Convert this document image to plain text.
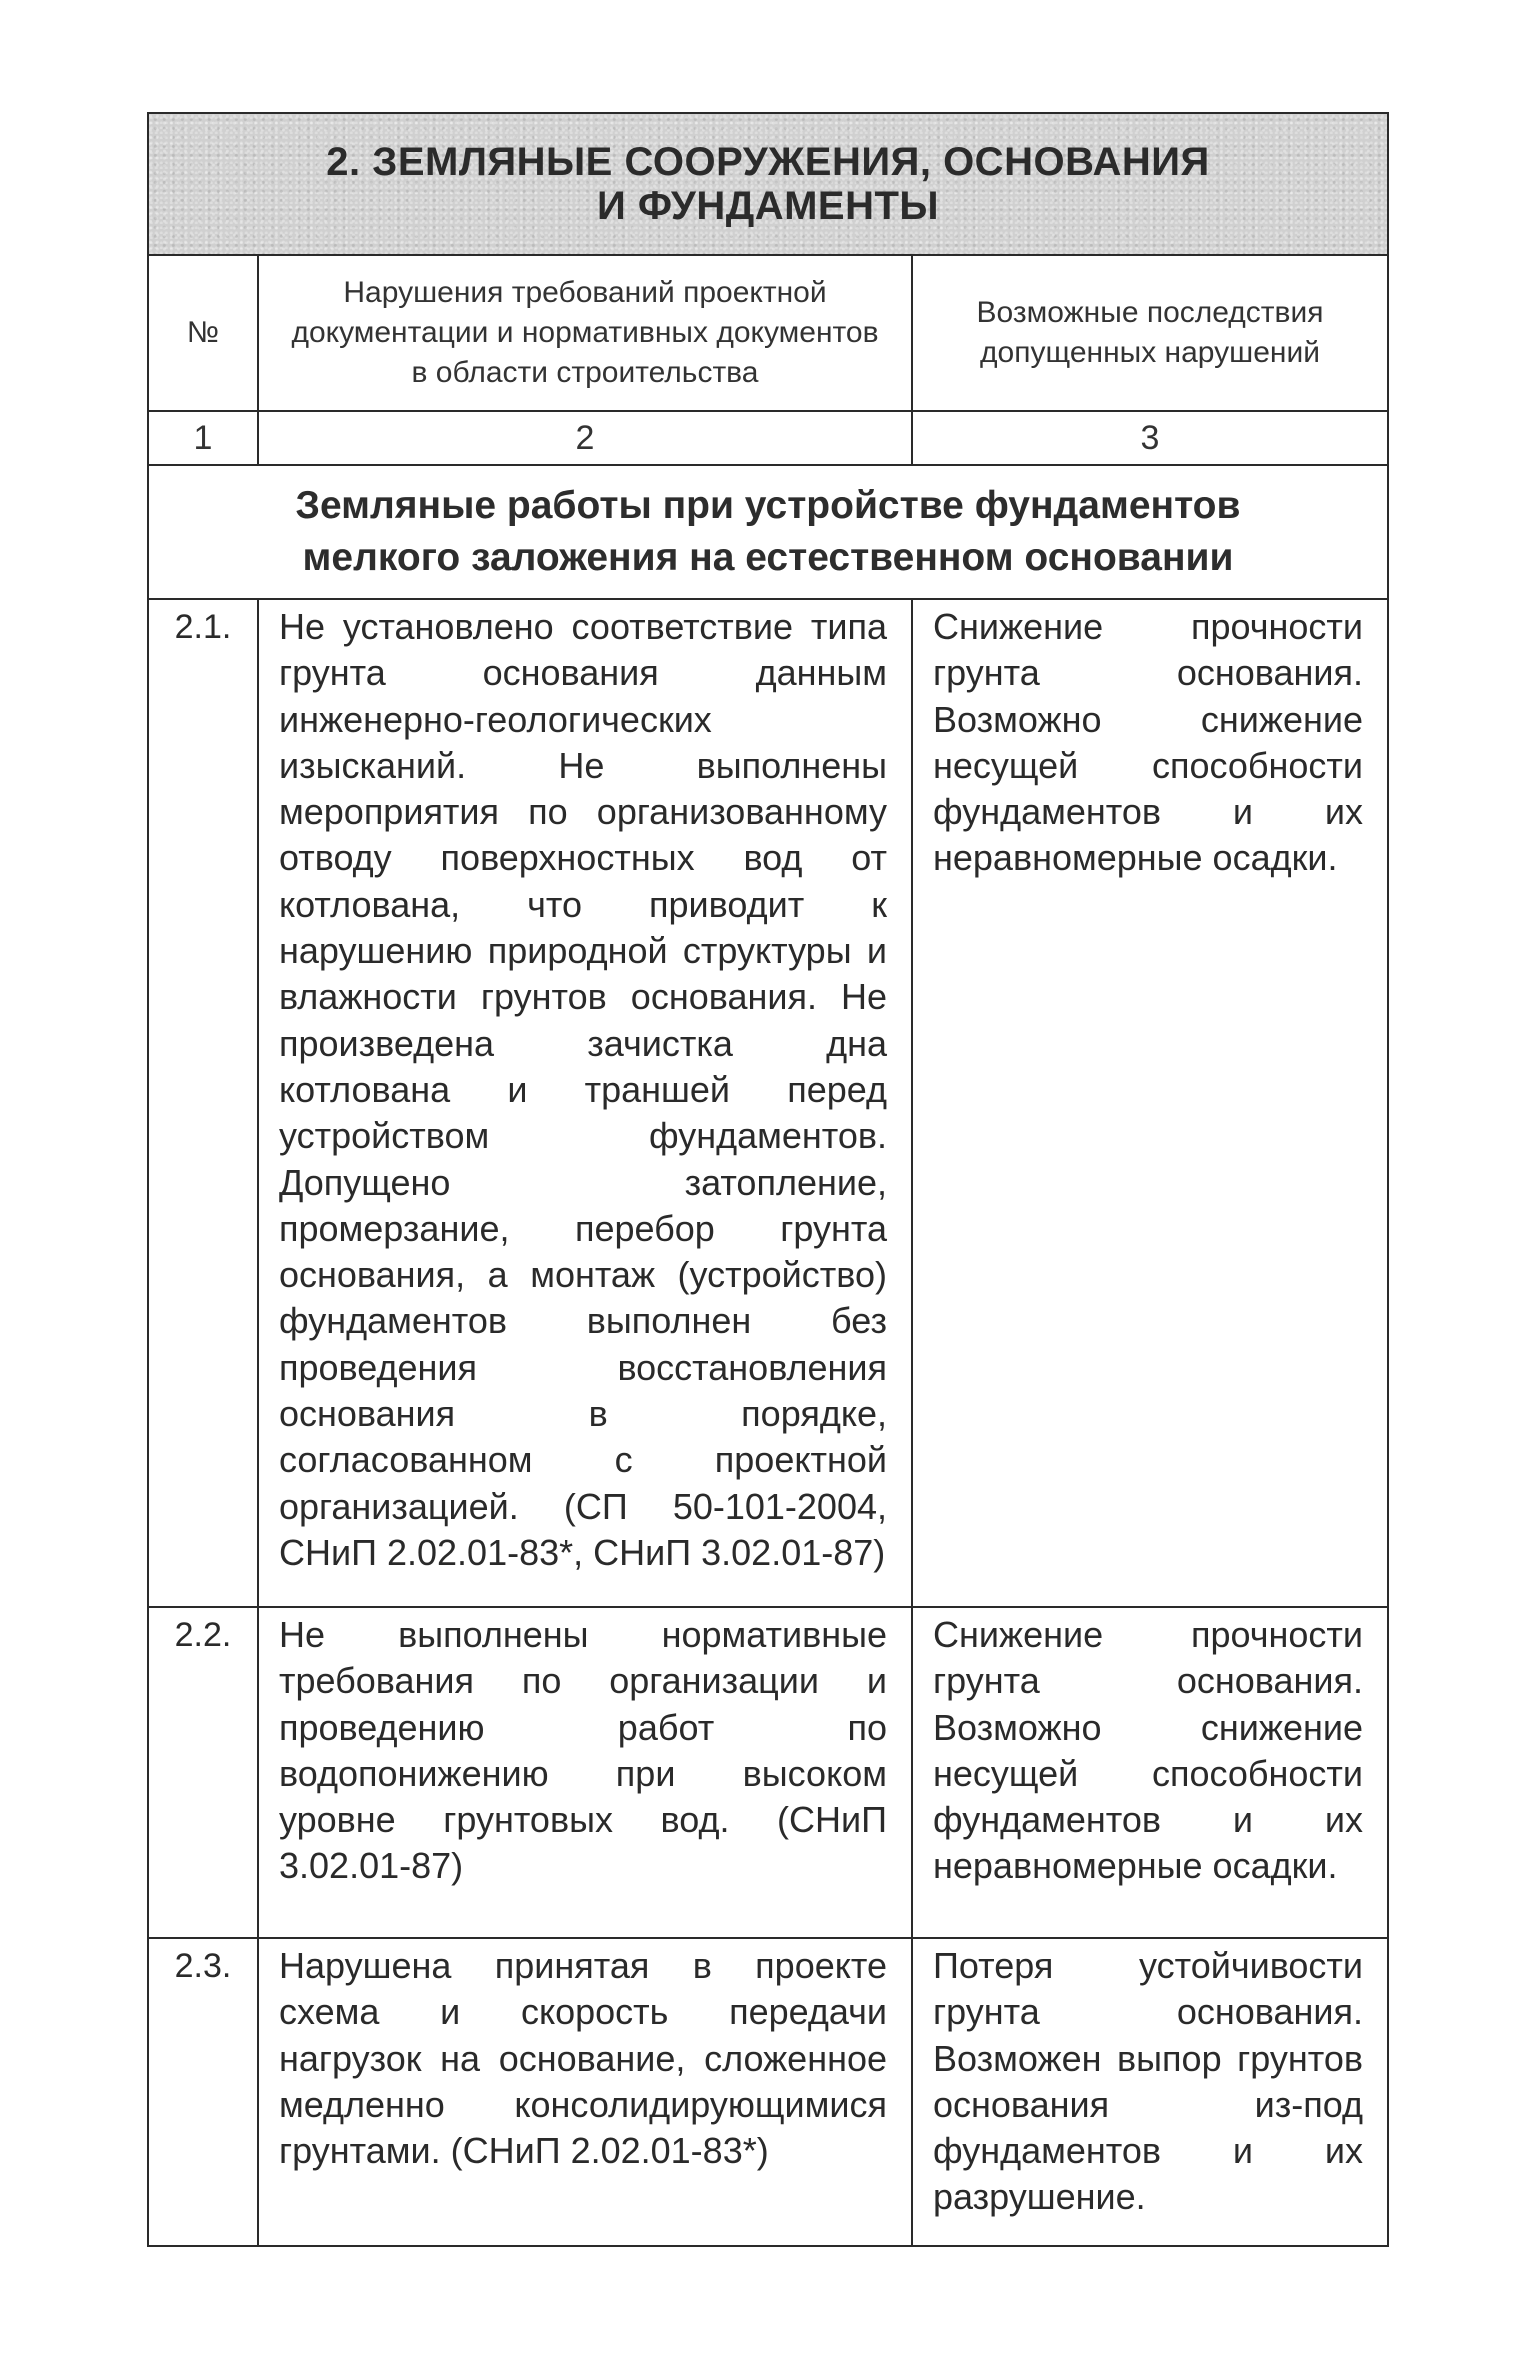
2. ЗЕМЛЯНЫЕ СООРУЖЕНИЯ, ОСНОВАНИЯ
И ФУНДАМЕНТЫ		

№	Нарушения требований проектной документации и нормативных документов в области строительства	Возможные последствия допущенных нарушений
1	2	3
Земляные работы при устройстве фундаментов
мелкого заложения на естественном основании		
2.1.	Не установлено соответствие типа грунта основания данным инженерно-геологических изысканий. Не выполнены мероприятия по организованному отводу поверхностных вод от котлована, что приводит к нарушению природной структуры и влажности грунтов основания. Не произведена зачистка дна котлована и траншей перед устройством фундаментов. Допущено затопление, промерзание, перебор грунта основания, а монтаж (устройство) фундаментов выполнен без проведения восстановления основания в порядке, согласованном с проектной организацией. (СП 50-101-2004, СНиП 2.02.01-83*, СНиП 3.02.01-87)	Снижение прочности грунта основания. Возможно снижение несущей способности фундаментов и их неравномерные осадки.
2.2.	Не выполнены нормативные требования по организации и проведению работ по водопонижению при высоком уровне грунтовых вод. (СНиП 3.02.01-87)	Снижение прочности грунта основания. Возможно снижение несущей способности фундаментов и их неравномерные осадки.
2.3.	Нарушена принятая в проекте схема и скорость передачи нагрузок на основание, сложенное медленно консолидирующимися грунтами. (СНиП 2.02.01-83*)	Потеря устойчивости грунта основания. Возможен выпор грунтов основания из-под фундаментов и их разрушение.
